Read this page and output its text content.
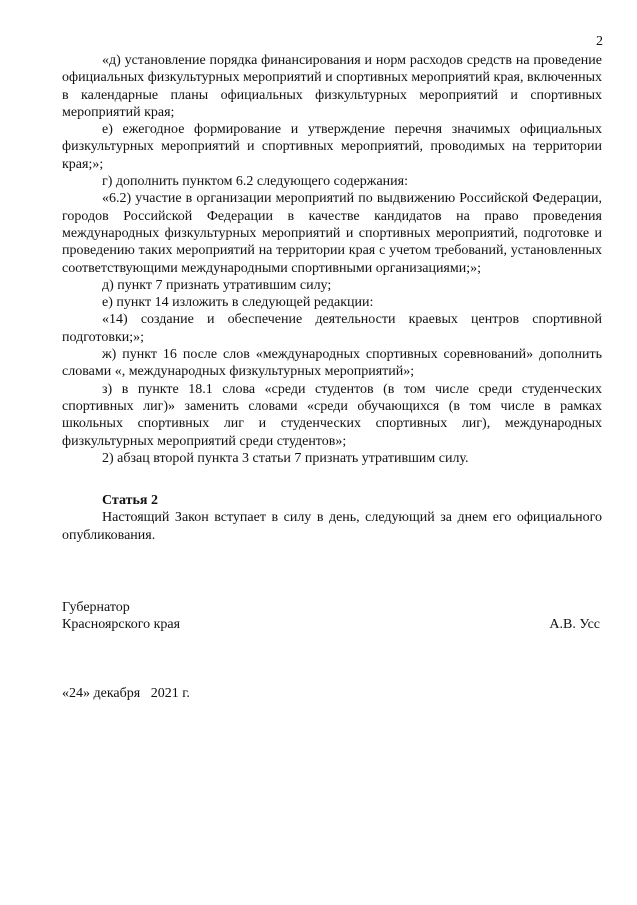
2

«д) установление порядка финансирования и норм расходов средств на проведение официальных физкультурных мероприятий и спортивных мероприятий края, включенных в календарные планы официальных физкультурных мероприятий и спортивных мероприятий края;

е) ежегодное формирование и утверждение перечня значимых официальных физкультурных мероприятий и спортивных мероприятий, проводимых на территории края;»;

г) дополнить пунктом 6.2 следующего содержания:

«6.2) участие в организации мероприятий по выдвижению Российской Федерации, городов Российской Федерации в качестве кандидатов на право проведения международных физкультурных мероприятий и спортивных мероприятий, подготовке и проведению таких мероприятий на территории края с учетом требований, установленных соответствующими международными спортивными организациями;»;

д) пункт 7 признать утратившим силу;

е) пункт 14 изложить в следующей редакции:

«14) создание и обеспечение деятельности краевых центров спортивной подготовки;»;

ж) пункт 16 после слов «международных спортивных соревнований» дополнить словами «, международных физкультурных мероприятий»;

з) в пункте 18.1 слова «среди студентов (в том числе среди студенческих спортивных лиг)» заменить словами «среди обучающихся (в том числе в рамках школьных спортивных лиг и студенческих спортивных лиг), международных физкультурных мероприятий среди студентов»;

2) абзац второй пункта 3 статьи 7 признать утратившим силу.

Статья 2

Настоящий Закон вступает в силу в день, следующий за днем его официального опубликования.

Губернатор
Красноярского края	А.В. Усс
«24» декабря   2021 г.
